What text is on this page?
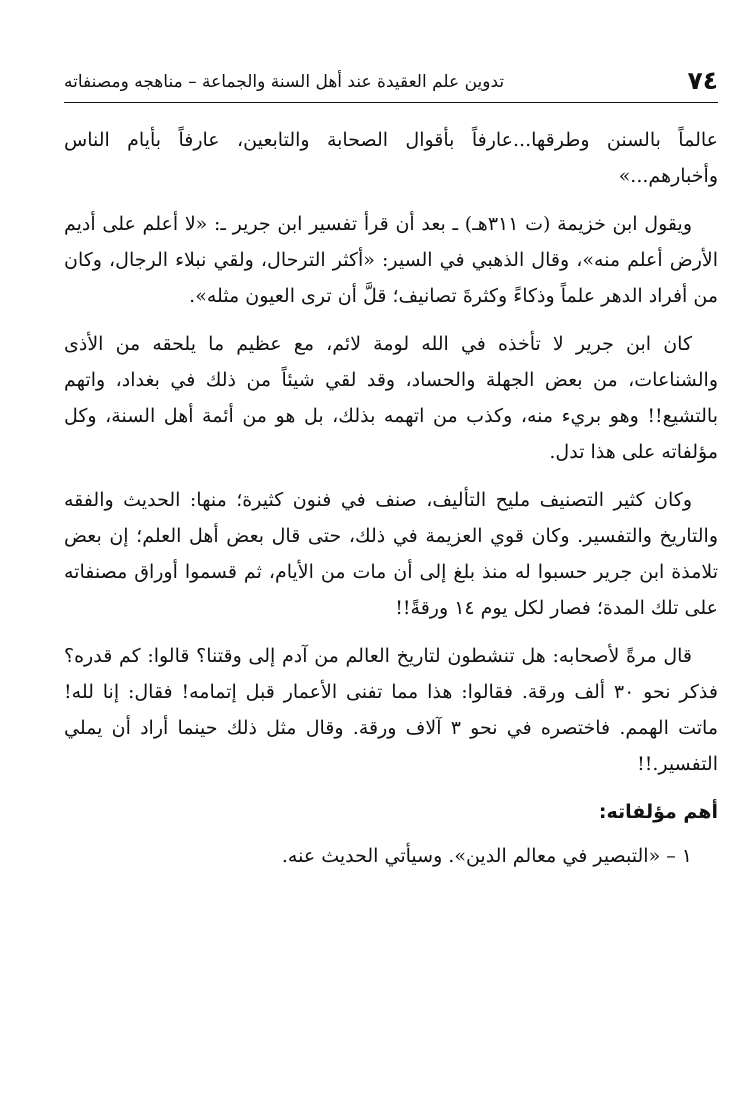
٧٤
تدوين علم العقيدة عند أهل السنة والجماعة – مناهجه ومصنفاته

عالماً بالسنن وطرقها...عارفاً بأقوال الصحابة والتابعين، عارفاً بأيام الناس وأخبارهم...»

ويقول ابن خزيمة (ت ٣١١هـ) ـ بعد أن قرأ تفسير ابن جرير ـ: «لا أعلم على أديم الأرض أعلم منه»، وقال الذهبي في السير: «أكثر الترحال، ولقي نبلاء الرجال، وكان من أفراد الدهر علماً وذكاءً وكثرةَ تصانيف؛ قلَّ أن ترى العيون مثله».

كان ابن جرير لا تأخذه في الله لومة لائم، مع عظيم ما يلحقه من الأذى والشناعات، من بعض الجهلة والحساد، وقد لقي شيئاً من ذلك في بغداد، واتهم بالتشيع!! وهو بريء منه، وكذب من اتهمه بذلك، بل هو من أئمة أهل السنة، وكل مؤلفاته على هذا تدل.

وكان كثير التصنيف مليح التأليف، صنف في فنون كثيرة؛ منها: الحديث والفقه والتاريخ والتفسير. وكان قوي العزيمة في ذلك، حتى قال بعض أهل العلم؛ إن بعض تلامذة ابن جرير حسبوا له منذ بلغ إلى أن مات من الأيام، ثم قسموا أوراق مصنفاته على تلك المدة؛ فصار لكل يوم ١٤ ورقةً!!

قال مرةً لأصحابه: هل تنشطون لتاريخ العالم من آدم إلى وقتنا؟ قالوا: كم قدره؟ فذكر نحو ٣٠ ألف ورقة. فقالوا: هذا مما تفنى الأعمار قبل إتمامه! فقال: إنا لله! ماتت الهمم. فاختصره في نحو ٣ آلاف ورقة. وقال مثل ذلك حينما أراد أن يملي التفسير.!!

أهم مؤلفاته:

١ – «التبصير في معالم الدين». وسيأتي الحديث عنه.
